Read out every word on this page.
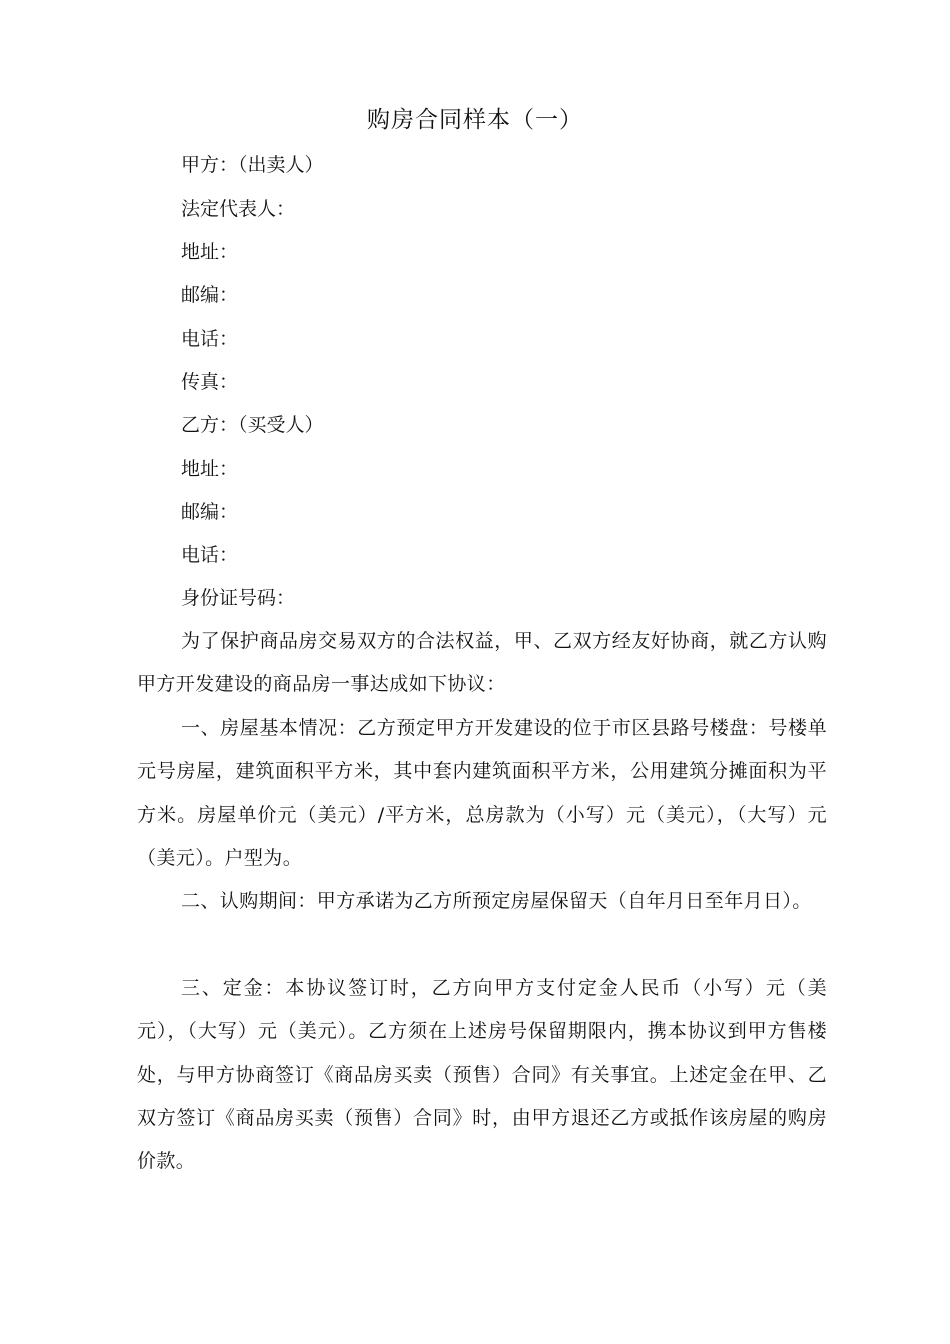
购房合同样本（一）
甲方：（出卖人）
法定代表人：
地址：
邮编：
电话：
传真：
乙方：（买受人）
地址：
邮编：
电话：
身份证号码：
为了保护商品房交易双方的合法权益，甲、乙双方经友好协商，就乙方认购甲方开发建设的商品房一事达成如下协议：
一、房屋基本情况：乙方预定甲方开发建设的位于市区县路号楼盘：号楼单元号房屋，建筑面积平方米，其中套内建筑面积平方米，公用建筑分摊面积为平方米。房屋单价元（美元）/平方米，总房款为（小写）元（美元），（大写）元（美元）。户型为。
二、认购期间：甲方承诺为乙方所预定房屋保留天（自年月日至年月日）。
三、定金：本协议签订时，乙方向甲方支付定金人民币（小写）元（美元），（大写）元（美元）。乙方须在上述房号保留期限内，携本协议到甲方售楼处，与甲方协商签订《商品房买卖（预售）合同》有关事宜。上述定金在甲、乙双方签订《商品房买卖（预售）合同》时，由甲方退还乙方或抵作该房屋的购房价款。
